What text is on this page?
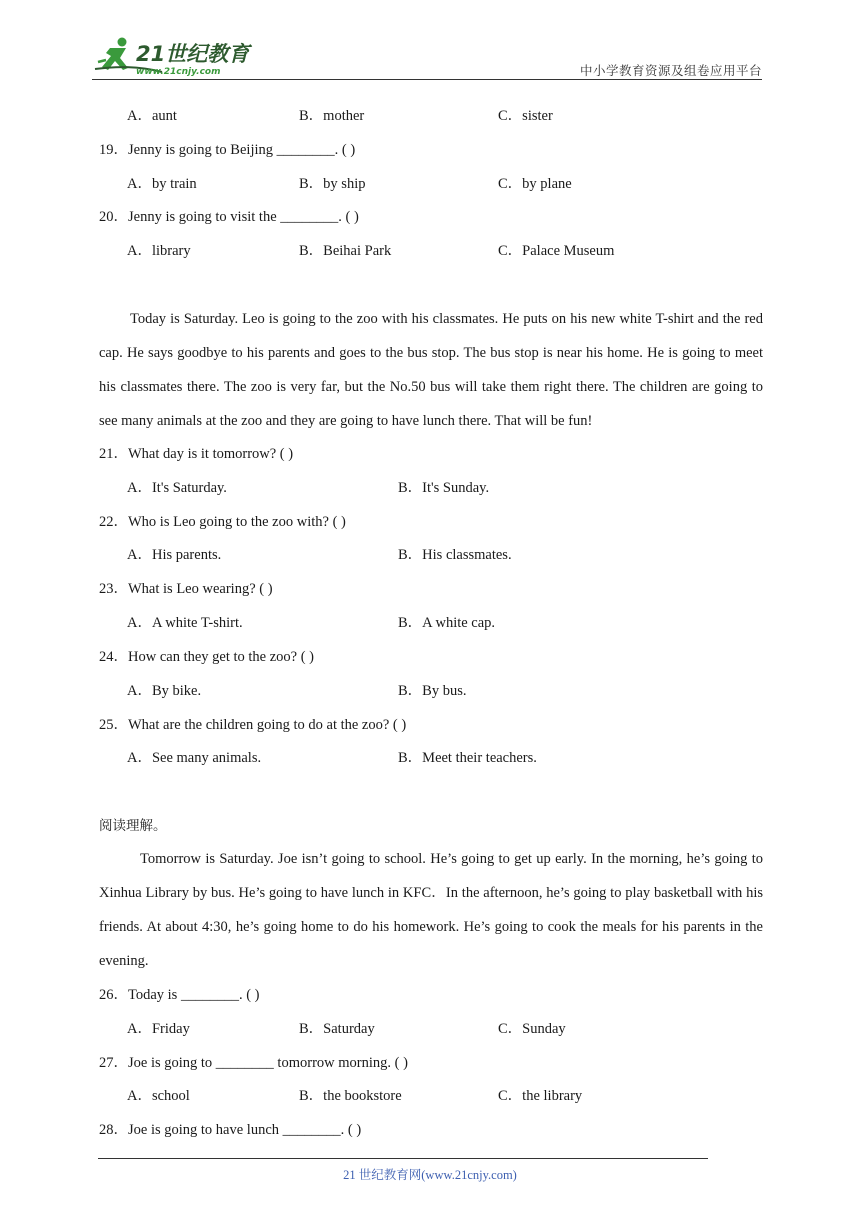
21世纪教育
www.21cnjy.com	中小学教育资源及组卷应用平台
A．aunt	B．mother	C．sister
19．Jenny is going to Beijing ________. ( )
A．by train	B．by ship	C．by plane
20．Jenny is going to visit the ________. ( )
A．library	B．Beihai Park	C．Palace Museum
Today is Saturday. Leo is going to the zoo with his classmates. He puts on his new white T-shirt and the red cap. He says goodbye to his parents and goes to the bus stop. The bus stop is near his home. He is going to meet his classmates there. The zoo is very far, but the No.50 bus will take them right there. The children are going to see many animals at the zoo and they are going to have lunch there. That will be fun!
21．What day is it tomorrow? ( )
A．It's Saturday.	B．It's Sunday.
22．Who is Leo going to the zoo with? ( )
A．His parents.	B．His classmates.
23．What is Leo wearing? ( )
A．A white T-shirt.	B．A white cap.
24．How can they get to the zoo? ( )
A．By bike.	B．By bus.
25．What are the children going to do at the zoo? ( )
A．See many animals.	B．Meet their teachers.
阅读理解。
Tomorrow is Saturday. Joe isn’t going to school. He’s going to get up early. In the morning, he’s going to Xinhua Library by bus. He’s going to have lunch in KFC．In the afternoon, he’s going to play basketball with his friends. At about 4:30, he’s going home to do his homework. He’s going to cook the meals for his parents in the evening.
26．Today is ________. ( )
A．Friday	B．Saturday	C．Sunday
27．Joe is going to ________ tomorrow morning. ( )
A．school	B．the bookstore	C．the library
28．Joe is going to have lunch ________. ( )
21 世纪教育网(www.21cnjy.com)
